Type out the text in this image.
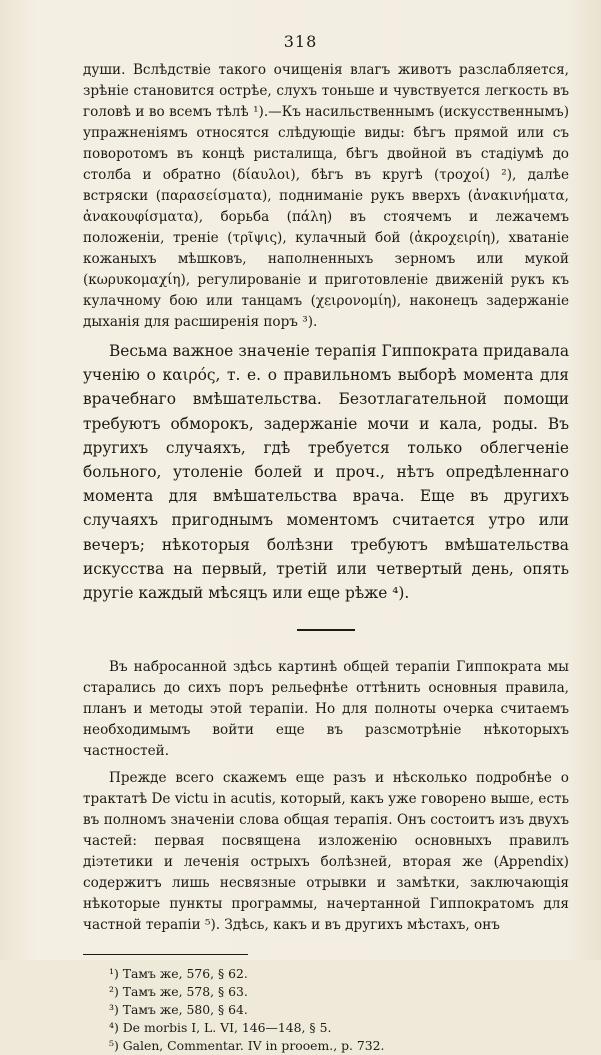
318

души. Вслѣдствіе такого очищенія влагъ животъ разслабляется, зрѣніе становится острѣе, слухъ тоньше и чувствуется легкость въ головѣ и во всемъ тѣлѣ ¹).—Къ насильственнымъ (искусственнымъ) упражненіямъ относятся слѣдующіе виды: бѣгъ прямой или съ поворотомъ въ концѣ ристалища, бѣгъ двойной въ стадіумѣ до столба и обратно (δίαυλοι), бѣгъ въ кругѣ (τροχοί) ²), далѣе встряски (παρασείσματα), подниманіе рукъ вверхъ (ἀνακινήματα, ἀνακουφίσματα), борьба (πάλη) въ стоячемъ и лежачемъ положеніи, треніе (τρῖψις), кулачный бой (ἀκροχειρίη), хватаніе кожаныхъ мѣшковъ, наполненныхъ зерномъ или мукой (κωρυκομαχίη), регулированіе и приготовленіе движеній рукъ къ кулачному бою или танцамъ (χειρονομίη), наконецъ задержаніе дыханія для расширенія поръ ³).

Весьма важное значеніе терапія Гиппократа придавала ученію о καιρός, т. е. о правильномъ выборѣ момента для врачебнаго вмѣшательства. Безотлагательной помощи требуютъ обморокъ, задержаніе мочи и кала, роды. Въ другихъ случаяхъ, гдѣ требуется только облегченіе больного, утоленіе болей и проч., нѣтъ опредѣленнаго момента для вмѣшательства врача. Еще въ другихъ случаяхъ пригоднымъ моментомъ считается утро или вечеръ; нѣкоторыя болѣзни требуютъ вмѣшательства искусства на первый, третій или четвертый день, опять другіе каждый мѣсяцъ или еще рѣже ⁴).

Въ набросанной здѣсь картинѣ общей терапіи Гиппократа мы старались до сихъ поръ рельефнѣе оттѣнить основныя правила, планъ и методы этой терапіи. Но для полноты очерка считаемъ необходимымъ войти еще въ разсмотрѣніе нѣкоторыхъ частностей.

Прежде всего скажемъ еще разъ и нѣсколько подробнѣе о трактатѣ De victu in acutis, который, какъ уже говорено выше, есть въ полномъ значеніи слова общая терапія. Онъ состоитъ изъ двухъ частей: первая посвящена изложенію основныхъ правилъ діэтетики и леченія острыхъ болѣзней, вторая же (Appendix) содержитъ лишь несвязные отрывки и замѣтки, заключающія нѣкоторые пункты программы, начертанной Гиппократомъ для частной терапіи ⁵). Здѣсь, какъ и въ другихъ мѣстахъ, онъ

¹) Тамъ же, 576, § 62.

²) Тамъ же, 578, § 63.

³) Тамъ же, 580, § 64.

⁴) De morbis I, L. VI, 146—148, § 5.

⁵) Galen, Commentar. IV in prooem., p. 732.
